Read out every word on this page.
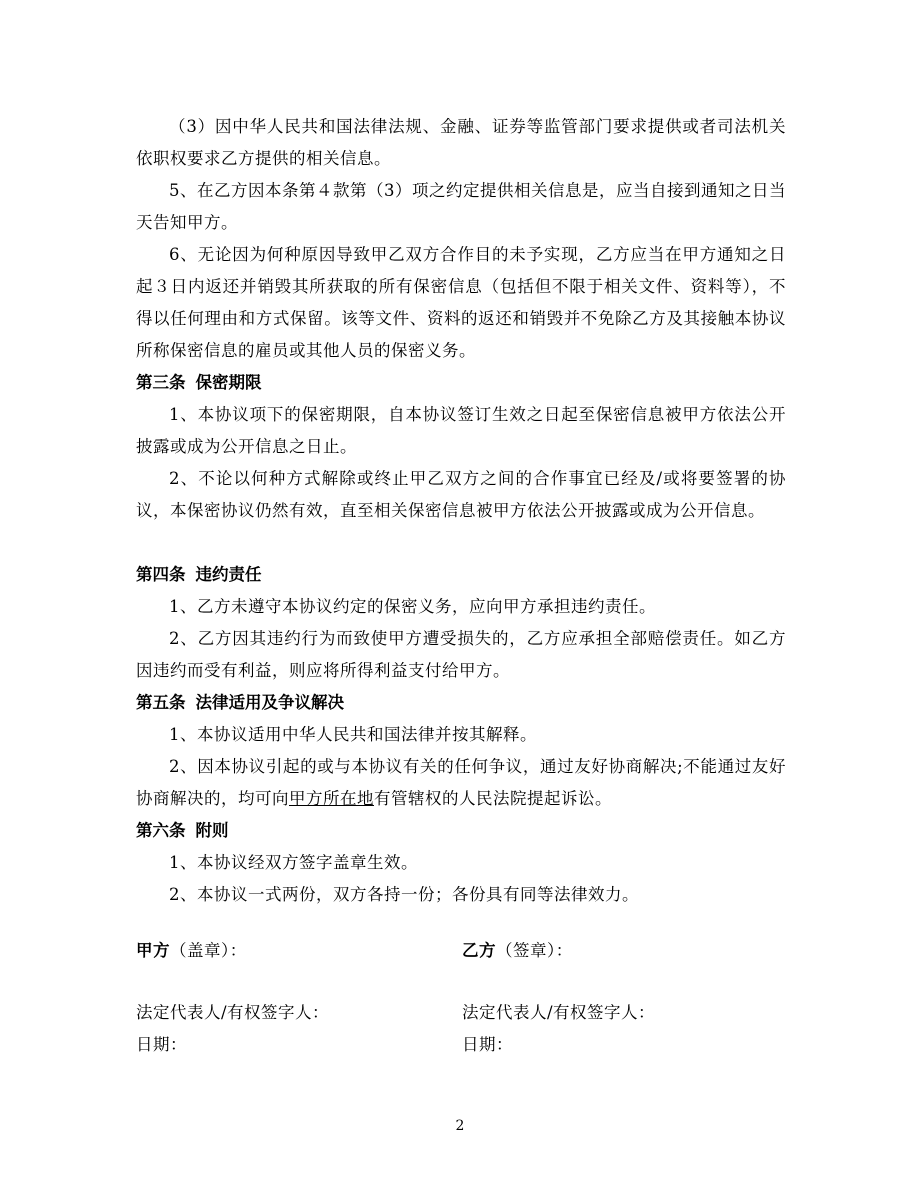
（3）因中华人民共和国法律法规、金融、证券等监管部门要求提供或者司法机关依职权要求乙方提供的相关信息。

5、在乙方因本条第４款第（3）项之约定提供相关信息是，应当自接到通知之日当天告知甲方。

6、无论因为何种原因导致甲乙双方合作目的未予实现，乙方应当在甲方通知之日起３日内返还并销毁其所获取的所有保密信息（包括但不限于相关文件、资料等），不得以任何理由和方式保留。该等文件、资料的返还和销毁并不免除乙方及其接触本协议所称保密信息的雇员或其他人员的保密义务。

第三条 保密期限

1、本协议项下的保密期限，自本协议签订生效之日起至保密信息被甲方依法公开披露或成为公开信息之日止。

2、不论以何种方式解除或终止甲乙双方之间的合作事宜已经及/或将要签署的协议，本保密协议仍然有效，直至相关保密信息被甲方依法公开披露或成为公开信息。

第四条 违约责任

1、乙方未遵守本协议约定的保密义务，应向甲方承担违约责任。

2、乙方因其违约行为而致使甲方遭受损失的，乙方应承担全部赔偿责任。如乙方因违约而受有利益，则应将所得利益支付给甲方。

第五条 法律适用及争议解决

1、本协议适用中华人民共和国法律并按其解释。

2、因本协议引起的或与本协议有关的任何争议，通过友好协商解决;不能通过友好协商解决的，均可向甲方所在地有管辖权的人民法院提起诉讼。

第六条 附则

1、本协议经双方签字盖章生效。

2、本协议一式两份，双方各持一份；各份具有同等法律效力。

甲方（盖章）：	乙方（签章）：

法定代表人/有权签字人：	法定代表人/有权签字人：

日期：	日期：

2
